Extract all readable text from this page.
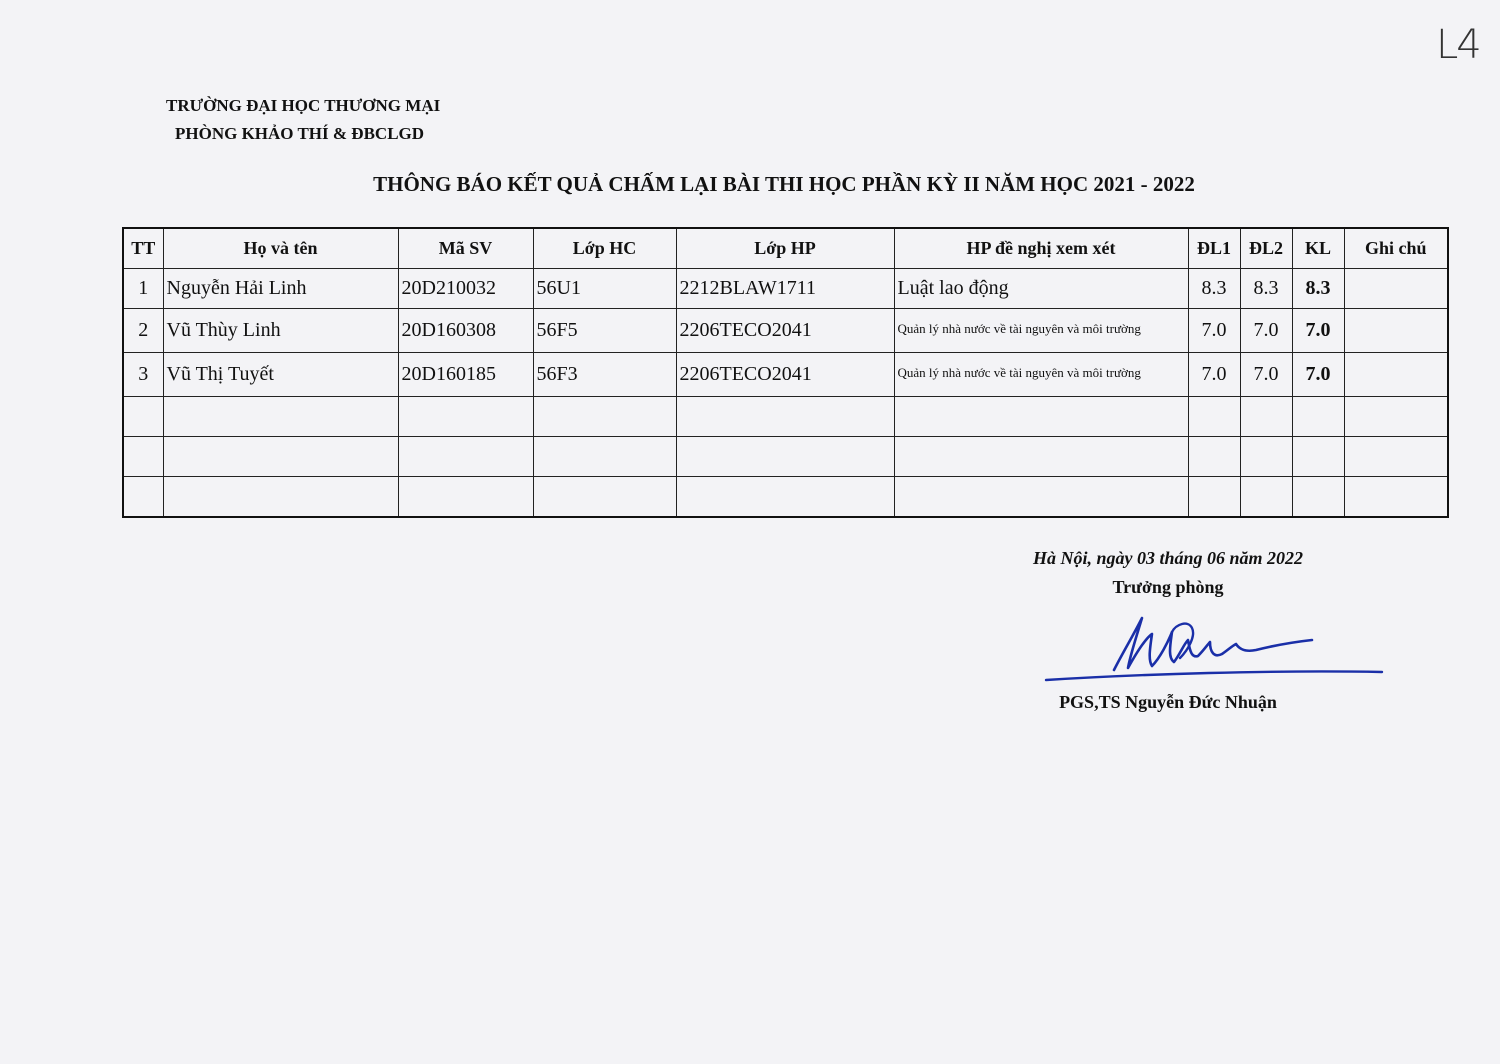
L4
TRƯỜNG ĐẠI HỌC THƯƠNG MẠI
PHÒNG KHẢO THÍ & ĐBCLGD
THÔNG BÁO KẾT QUẢ CHẤM LẠI BÀI THI HỌC PHẦN KỲ II NĂM HỌC 2021 - 2022
TT	Họ và tên	Mã SV	Lớp HC	Lớp HP	HP đề nghị xem xét	ĐL1	ĐL2	KL	Ghi chú
1	Nguyễn Hải Linh	20D210032	56U1	2212BLAW1711	Luật lao động	8.3	8.3	8.3	
2	Vũ Thùy Linh	20D160308	56F5	2206TECO2041	Quản lý nhà nước về tài nguyên và môi trường	7.0	7.0	7.0	
3	Vũ Thị Tuyết	20D160185	56F3	2206TECO2041	Quản lý nhà nước về tài nguyên và môi trường	7.0	7.0	7.0	

Hà Nội, ngày 03 tháng 06 năm 2022
Trưởng phòng
PGS,TS Nguyễn Đức Nhuận
